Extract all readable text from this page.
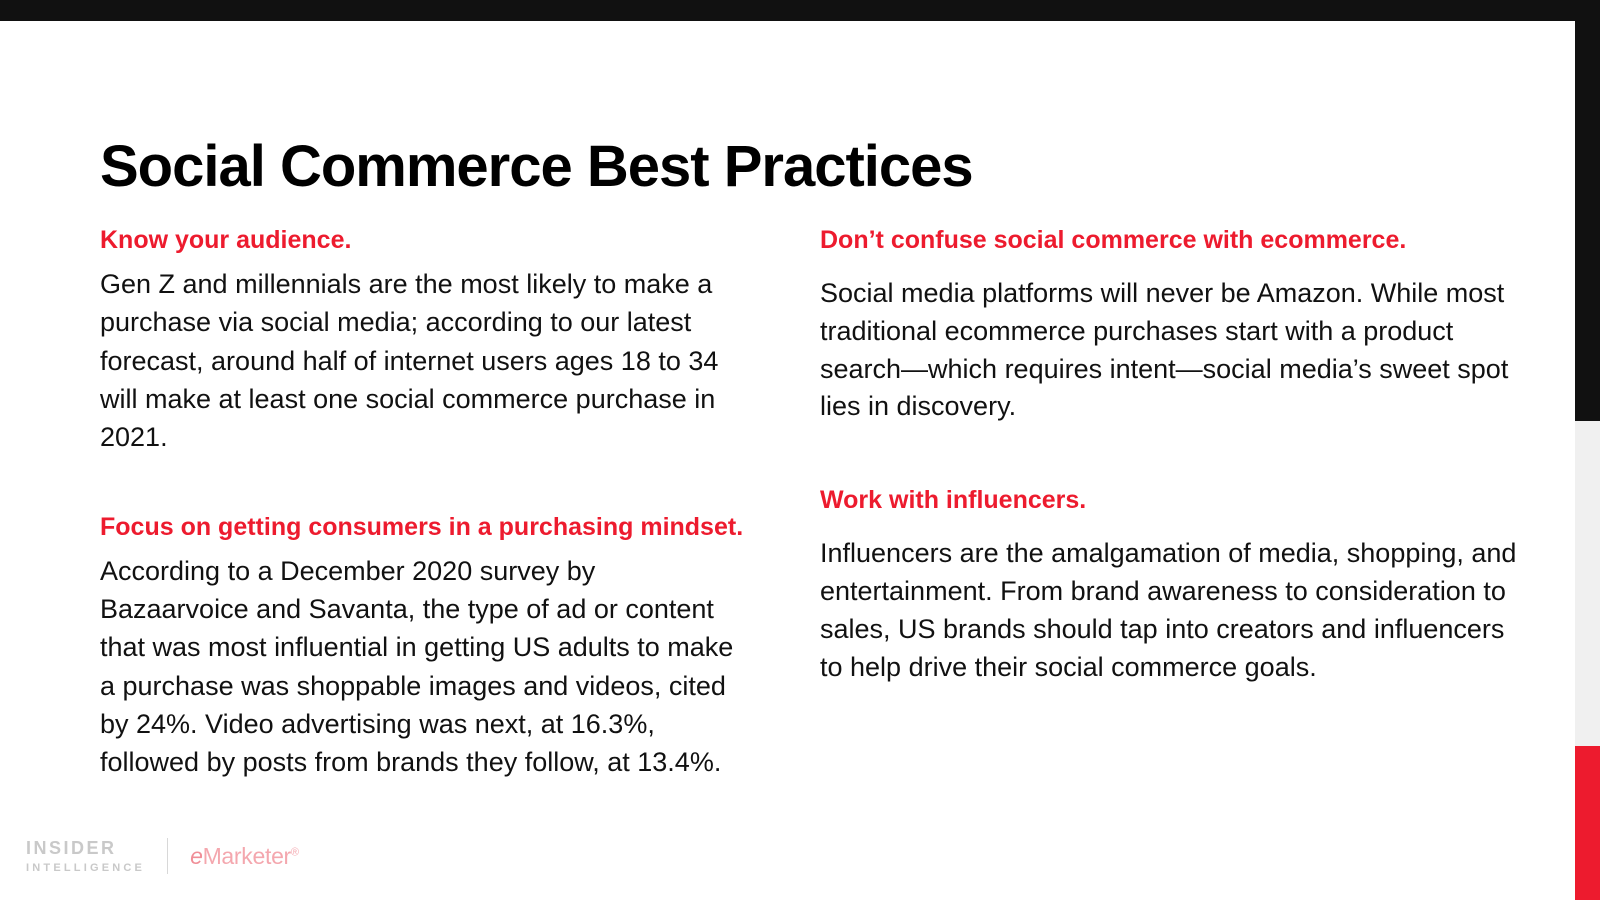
Social Commerce Best Practices

Know your audience.

Gen Z and millennials are the most likely to make a purchase via social media; according to our latest forecast, around half of internet users ages 18 to 34 will make at least one social commerce purchase in 2021.

Focus on getting consumers in a purchasing mindset.

According to a December 2020 survey by Bazaarvoice and Savanta, the type of ad or content that was most influential in getting US adults to make a purchase was shoppable images and videos, cited by 24%. Video advertising was next, at 16.3%, followed by posts from brands they follow, at 13.4%.

Don’t confuse social commerce with ecommerce.

Social media platforms will never be Amazon. While most traditional ecommerce purchases start with a product search—which requires intent—social media’s sweet spot lies in discovery.

Work with influencers.

Influencers are the amalgamation of media, shopping, and entertainment. From brand awareness to consideration to sales, US brands should tap into creators and influencers to help drive their social commerce goals.

INSIDER
INTELLIGENCE	eMarketer®
